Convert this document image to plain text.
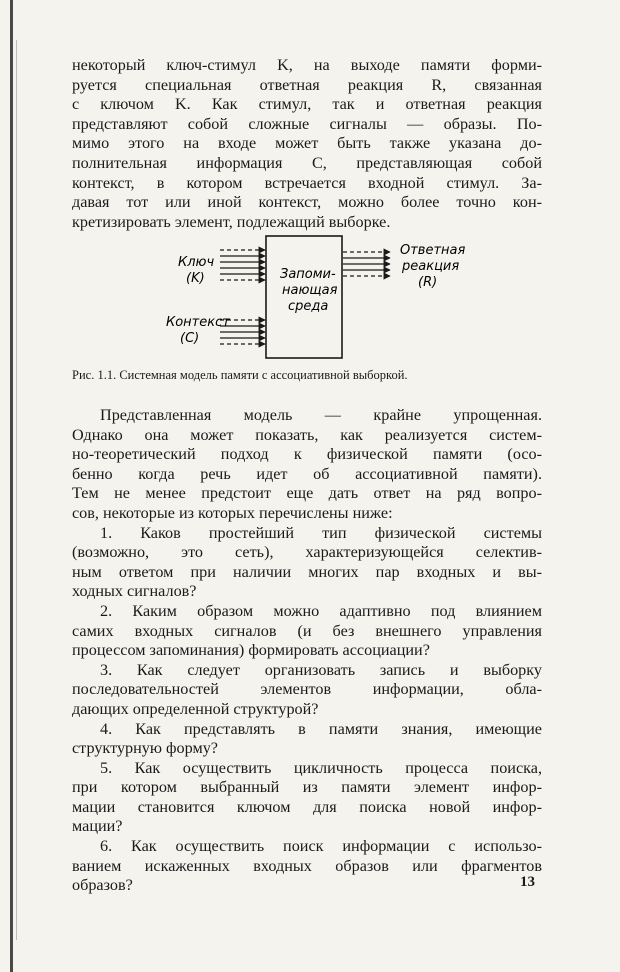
некоторый ключ-стимул K, на выходе памяти форми-
руется специальная ответная реакция R, связанная
с ключом K. Как стимул, так и ответная реакция
представляют собой сложные сигналы — образы. По-
мимо этого на входе может быть также указана до-
полнительная информация C, представляющая собой
контекст, в котором встречается входной стимул. За-
давая тот или иной контекст, можно более точно кон-
кретизировать элемент, подлежащий выборке.
Ключ
(K)
Контекст
(C)
Запоми-
нающая
среда
Ответная
реакция
(R)
Рис. 1.1. Системная модель памяти с ассоциативной выборкой.
Представленная модель — крайне упрощенная.
Однако она может показать, как реализуется систем-
но-теоретический подход к физической памяти (осо-
бенно когда речь идет об ассоциативной памяти).
Тем не менее предстоит еще дать ответ на ряд вопро-
сов, некоторые из которых перечислены ниже:
1. Каков простейший тип физической системы
(возможно, это сеть), характеризующейся селектив-
ным ответом при наличии многих пар входных и вы-
ходных сигналов?
2. Каким образом можно адаптивно под влиянием
самих входных сигналов (и без внешнего управления
процессом запоминания) формировать ассоциации?
3. Как следует организовать запись и выборку
последовательностей элементов информации, обла-
дающих определенной структурой?
4. Как представлять в памяти знания, имеющие
структурную форму?
5. Как осуществить цикличность процесса поиска,
при котором выбранный из памяти элемент инфор-
мации становится ключом для поиска новой инфор-
мации?
6. Как осуществить поиск информации с использо-
ванием искаженных входных образов или фрагментов
образов?	13
